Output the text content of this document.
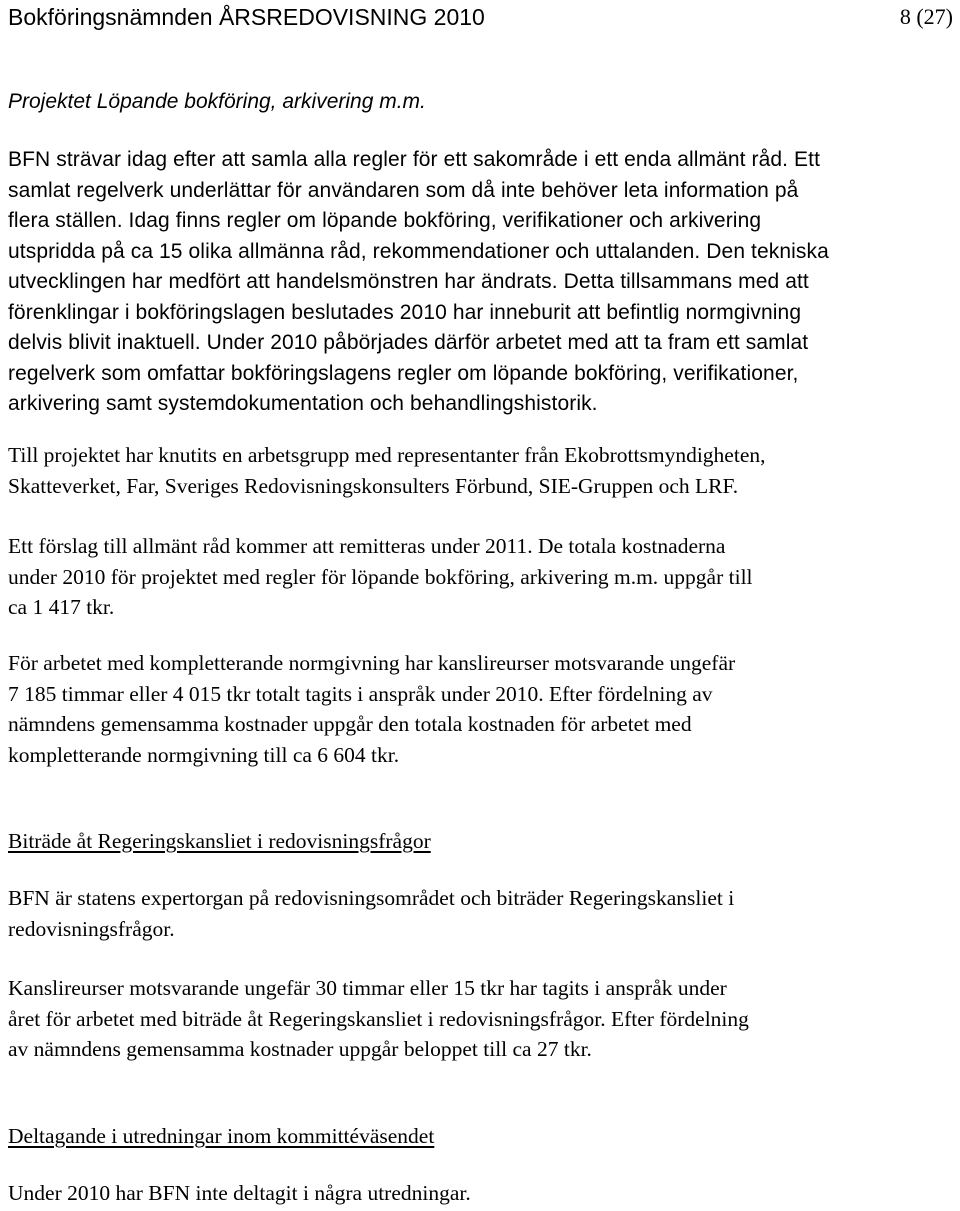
Bokföringsnämnden ÅRSREDOVISNING 2010	8 (27)
Projektet Löpande bokföring, arkivering m.m.

BFN strävar idag efter att samla alla regler för ett sakområde i ett enda allmänt råd. Ett
samlat regelverk underlättar för användaren som då inte behöver leta information på
flera ställen. Idag finns regler om löpande bokföring, verifikationer och arkivering
utspridda på ca 15 olika allmänna råd, rekommendationer och uttalanden. Den tekniska
utvecklingen har medfört att handelsmönstren har ändrats. Detta tillsammans med att
förenklingar i bokföringslagen beslutades 2010 har inneburit att befintlig normgivning
delvis blivit inaktuell. Under 2010 påbörjades därför arbetet med att ta fram ett samlat
regelverk som omfattar bokföringslagens regler om löpande bokföring, verifikationer,
arkivering samt systemdokumentation och behandlingshistorik.

Till projektet har knutits en arbetsgrupp med representanter från Ekobrottsmyndigheten,
Skatteverket, Far, Sveriges Redovisningskonsulters Förbund, SIE-Gruppen och LRF.

Ett förslag till allmänt råd kommer att remitteras under 2011. De totala kostnaderna
under 2010 för projektet med regler för löpande bokföring, arkivering m.m. uppgår till
ca 1 417 tkr.

För arbetet med kompletterande normgivning har kanslireurser motsvarande ungefär
7 185 timmar eller 4 015 tkr totalt tagits i anspråk under 2010. Efter fördelning av
nämndens gemensamma kostnader uppgår den totala kostnaden för arbetet med
kompletterande normgivning till ca 6 604 tkr.

Biträde åt Regeringskansliet i redovisningsfrågor

BFN är statens expertorgan på redovisningsområdet och biträder Regeringskansliet i
redovisningsfrågor.

Kanslireurser motsvarande ungefär 30 timmar eller 15 tkr har tagits i anspråk under
året för arbetet med biträde åt Regeringskansliet i redovisningsfrågor. Efter fördelning
av nämndens gemensamma kostnader uppgår beloppet till ca 27 tkr.

Deltagande i utredningar inom kommittéväsendet

Under 2010 har BFN inte deltagit i några utredningar.
